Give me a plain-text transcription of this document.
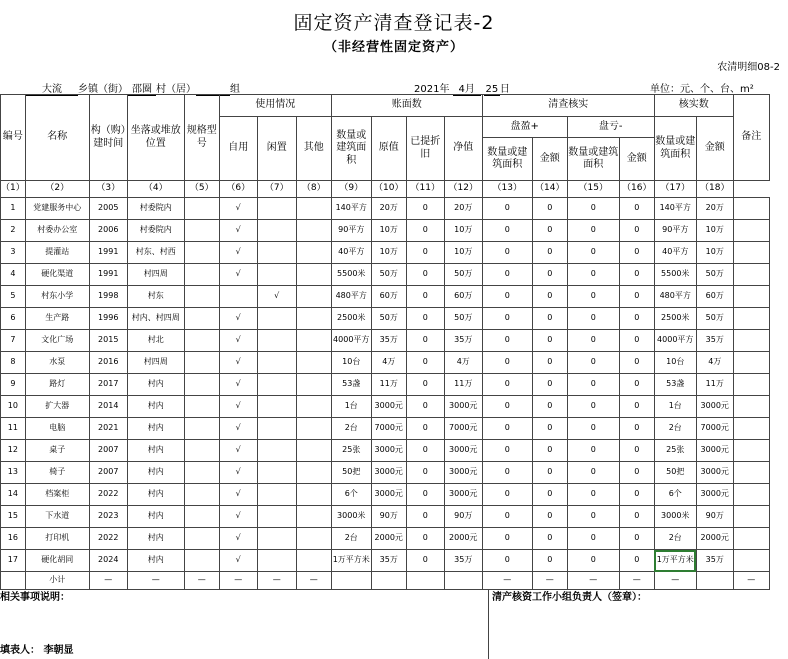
固定资产清查登记表-2
（非经营性固定资产）
农清明细08-2
大流 乡镇（街） 邵圈 村（居）	组	2021年 4月 25 日	单位：元、个、台、m²
编号	名称	构（购）建时间	坐落或堆放位置	规格型号	使用情况			账面数				清查核实				核实数		备注
					自用	闲置	其他	数量或建筑面积	原值	已提折旧	净值	盘盈+		盘亏-		数量或建筑面积	金额	
												数量或建筑面积	金额	数量或建筑面积	金额			
（1）	（2）	（3）	（4）	（5）	（6）	（7）	（8）	（9）	（10）	（11）	（12）	（13）	（14）	（15）	（16）	（17）	（18）	
1	党建服务中心	2005	村委院内		√			140平方	20万	0	20万	0	0	0	0	140平方	20万	
2	村委办公室	2006	村委院内		√			90平方	10万	0	10万	0	0	0	0	90平方	10万	
3	提灌站	1991	村东、村西		√			40平方	10万	0	10万	0	0	0	0	40平方	10万	
4	硬化渠道	1991	村四周		√			5500米	50万	0	50万	0	0	0	0	5500米	50万	
5	村东小学	1998	村东			√		480平方	60万	0	60万	0	0	0	0	480平方	60万	
6	生产路	1996	村内、村四周		√			2500米	50万	0	50万	0	0	0	0	2500米	50万	
7	文化广场	2015	村北		√			4000平方	35万	0	35万	0	0	0	0	4000平方	35万	
8	水泵	2016	村四周		√			10台	4万	0	4万	0	0	0	0	10台	4万	
9	路灯	2017	村内		√			53盏	11万	0	11万	0	0	0	0	53盏	11万	
10	扩大器	2014	村内		√			1台	3000元	0	3000元	0	0	0	0	1台	3000元	
11	电脑	2021	村内		√			2台	7000元	0	7000元	0	0	0	0	2台	7000元	
12	桌子	2007	村内		√			25张	3000元	0	3000元	0	0	0	0	25张	3000元	
13	椅子	2007	村内		√			50把	3000元	0	3000元	0	0	0	0	50把	3000元	
14	档案柜	2022	村内		√			6个	3000元	0	3000元	0	0	0	0	6个	3000元	
15	下水道	2023	村内		√			3000米	90万	0	90万	0	0	0	0	3000米	90万	
16	打印机	2022	村内		√			2台	2000元	0	2000元	0	0	0	0	2台	2000元	
17	硬化胡同	2024	村内		√			1万平方米	35万	0	35万	0	0	0	0	1万平方米	35万	
	小计	—	—	—	—	—	—					—	—	—	—	—		—
相关事项说明：	清产核资工作小组负责人（签章）：
填表人： 李朝显
